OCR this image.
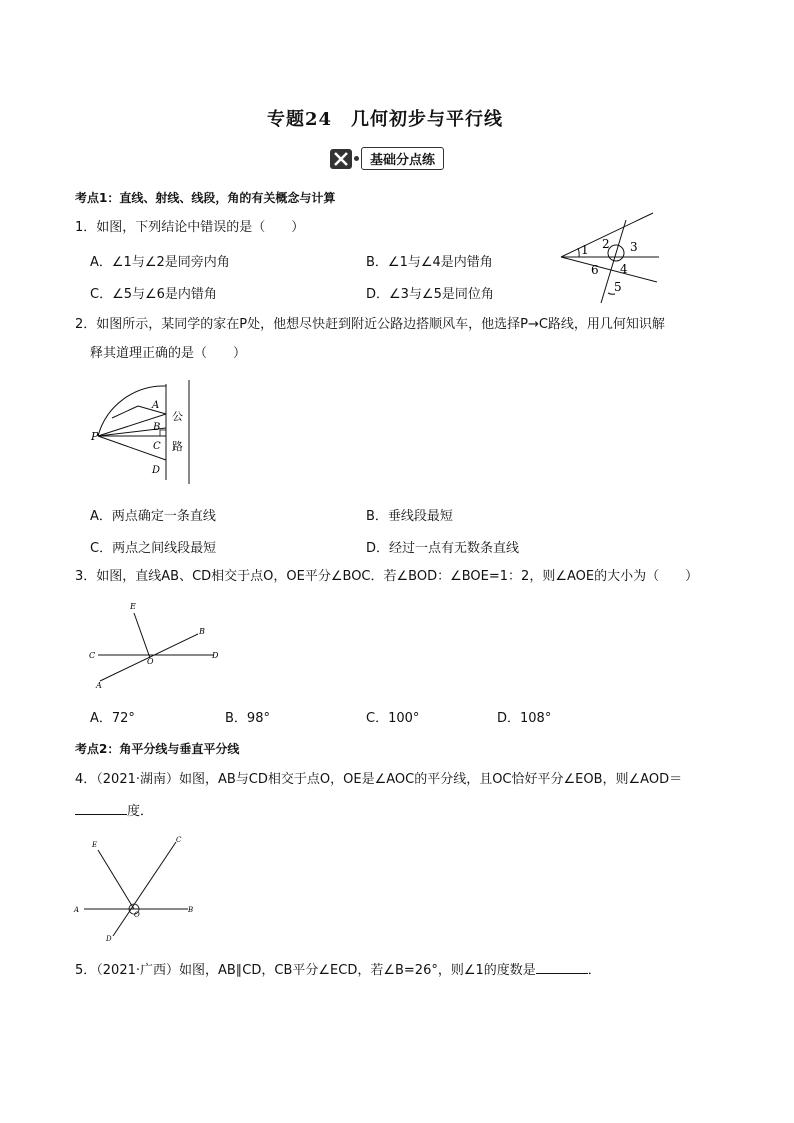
专题24　几何初步与平行线
基础分点练
考点1：直线、射线、线段，角的有关概念与计算
1．如图，下列结论中错误的是（　　）
A．∠1与∠2是同旁内角	B．∠1与∠4是内错角
C．∠5与∠6是内错角	D．∠3与∠5是同位角
1 2 3
4
5
6
2．如图所示，某同学的家在P处，他想尽快赶到附近公路边搭顺风车，他选择P→C路线，用几何知识解
释其道理正确的是（　　）
P
A
B
C
D
公
路
A．两点确定一条直线	B．垂线段最短
C．两点之间线段最短	D．经过一点有无数条直线
3．如图，直线AB、CD相交于点O，OE平分∠BOC．若∠BOD：∠BOE=1：2，则∠AOE的大小为（　　）
E
B
C	D
O
A
A．72°	B．98°	C．100°	D．108°
考点2：角平分线与垂直平分线
4．（2021·湖南）如图，AB与CD相交于点O，OE是∠AOC的平分线，且OC恰好平分∠EOB，则∠AOD＝
度．
E
C
A
O
B
D
5．（2021·广西）如图，AB∥CD，CB平分∠ECD，若∠B=26°，则∠1的度数是	．
